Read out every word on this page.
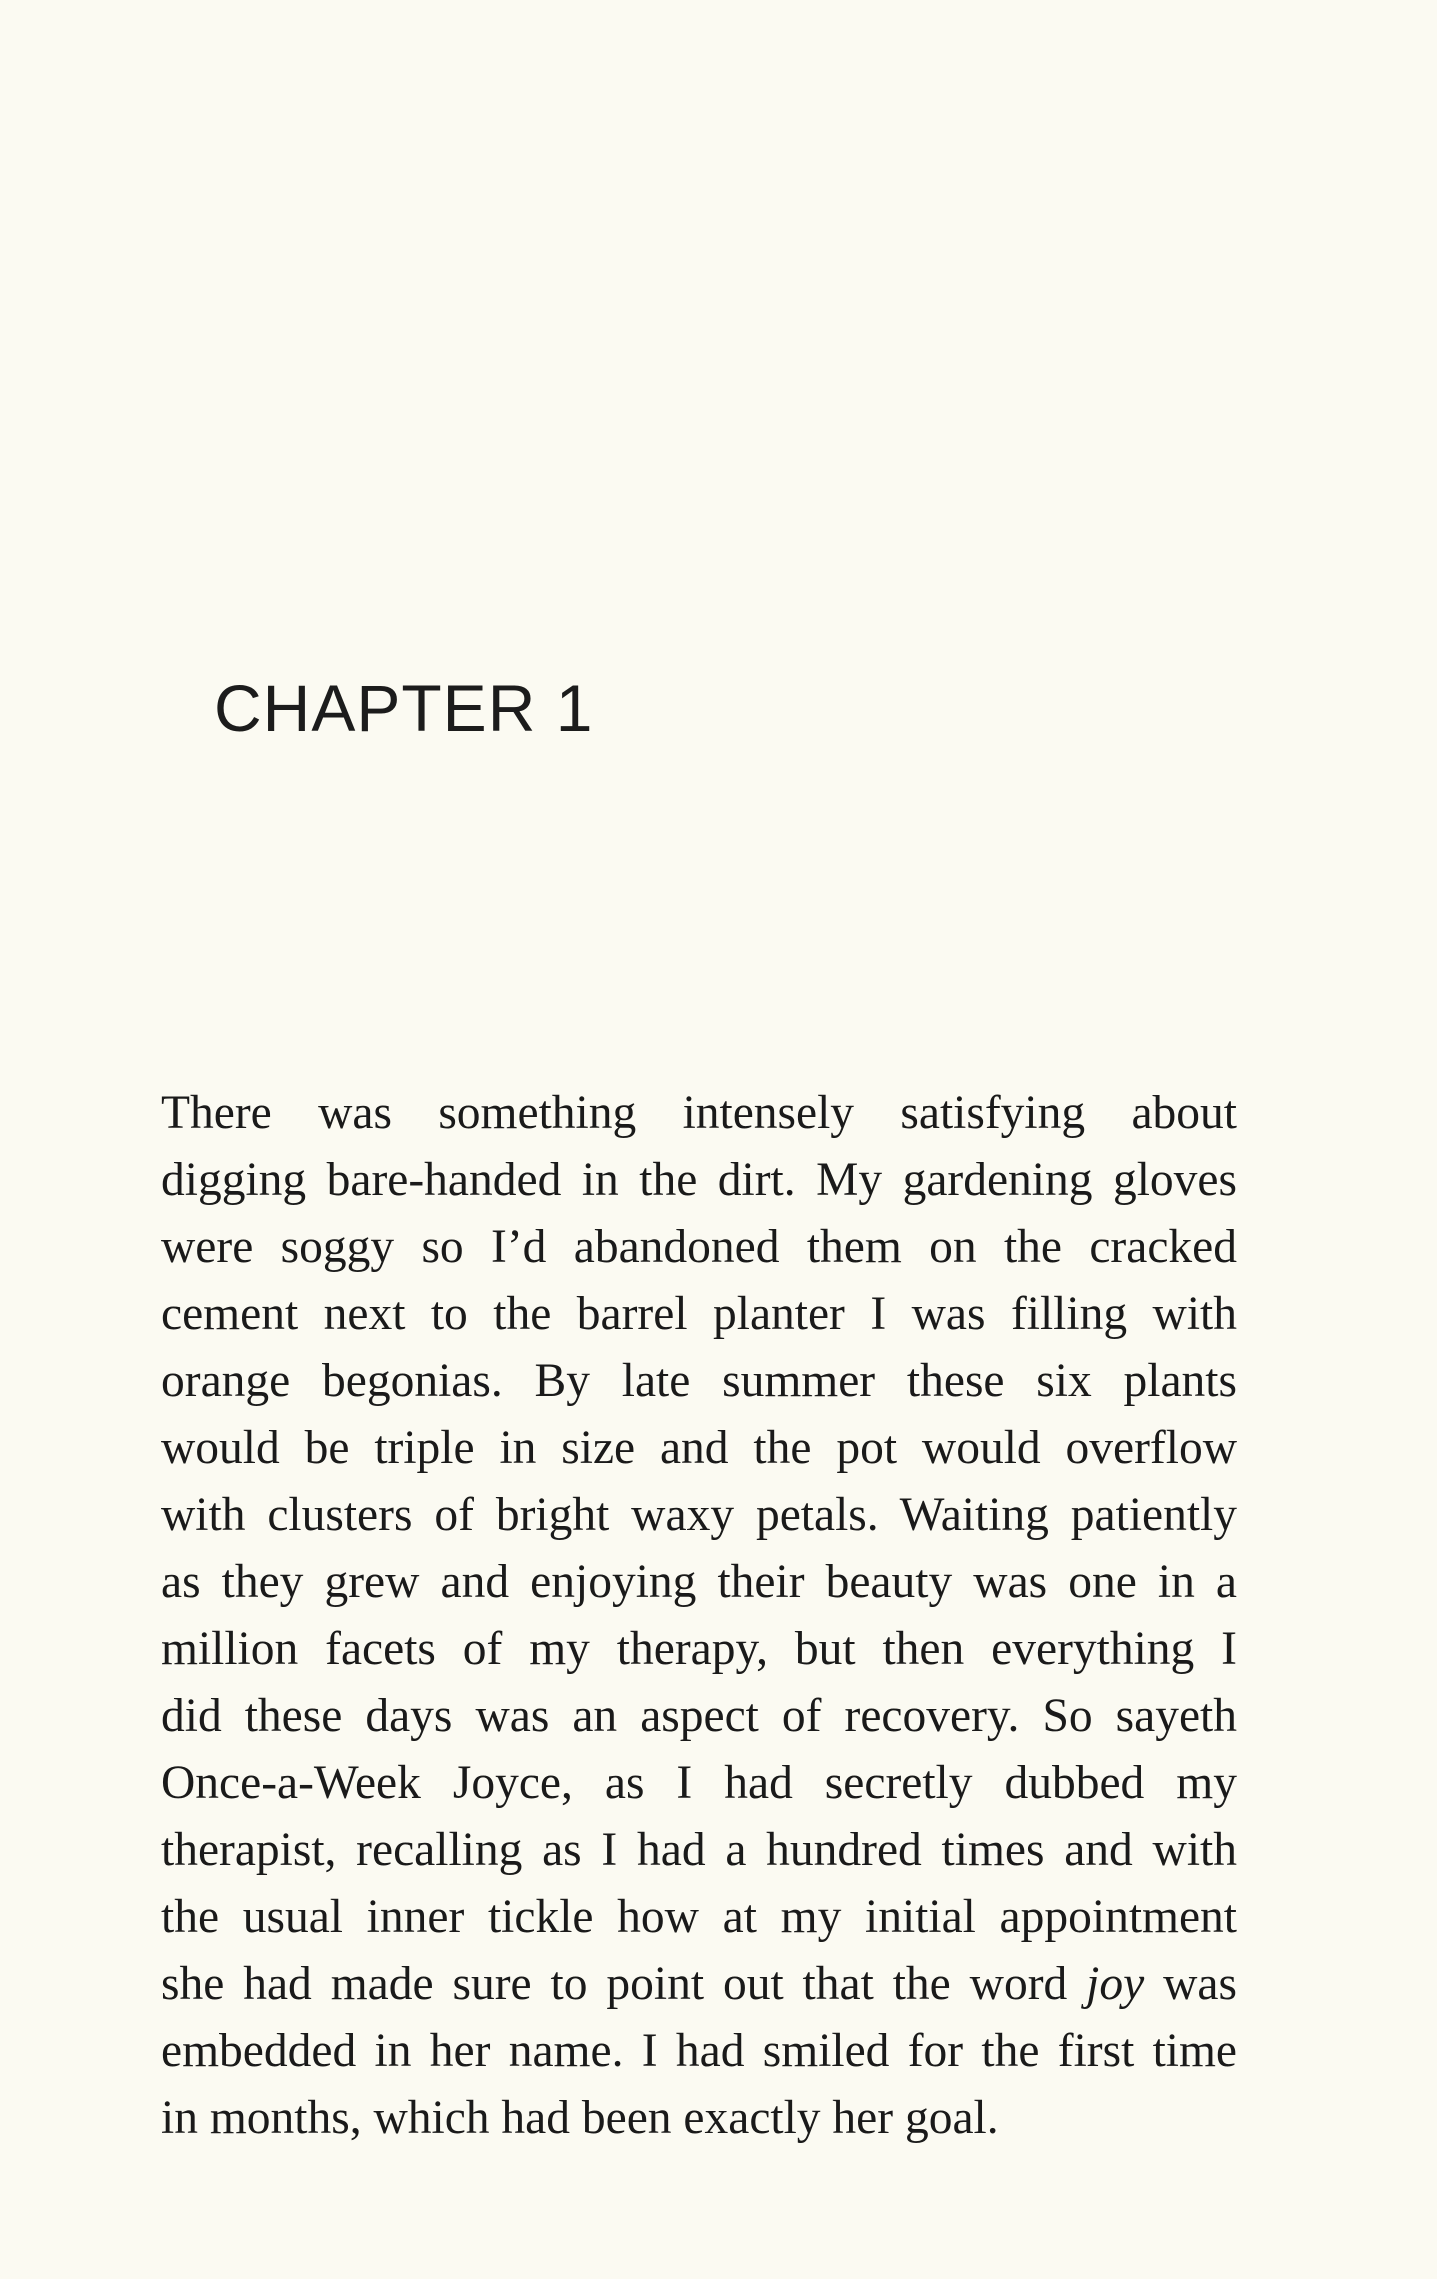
CHAPTER 1
There was something intensely satisfying about
digging bare-handed in the dirt. My gardening gloves
were soggy so I’d abandoned them on the cracked
cement next to the barrel planter I was filling with
orange begonias. By late summer these six plants
would be triple in size and the pot would overflow
with clusters of bright waxy petals. Waiting patiently
as they grew and enjoying their beauty was one in a
million facets of my therapy, but then everything I
did these days was an aspect of recovery. So sayeth
Once-a-Week Joyce, as I had secretly dubbed my
therapist, recalling as I had a hundred times and with
the usual inner tickle how at my initial appointment
she had made sure to point out that the word joy was
embedded in her name. I had smiled for the first time
in months, which had been exactly her goal.
